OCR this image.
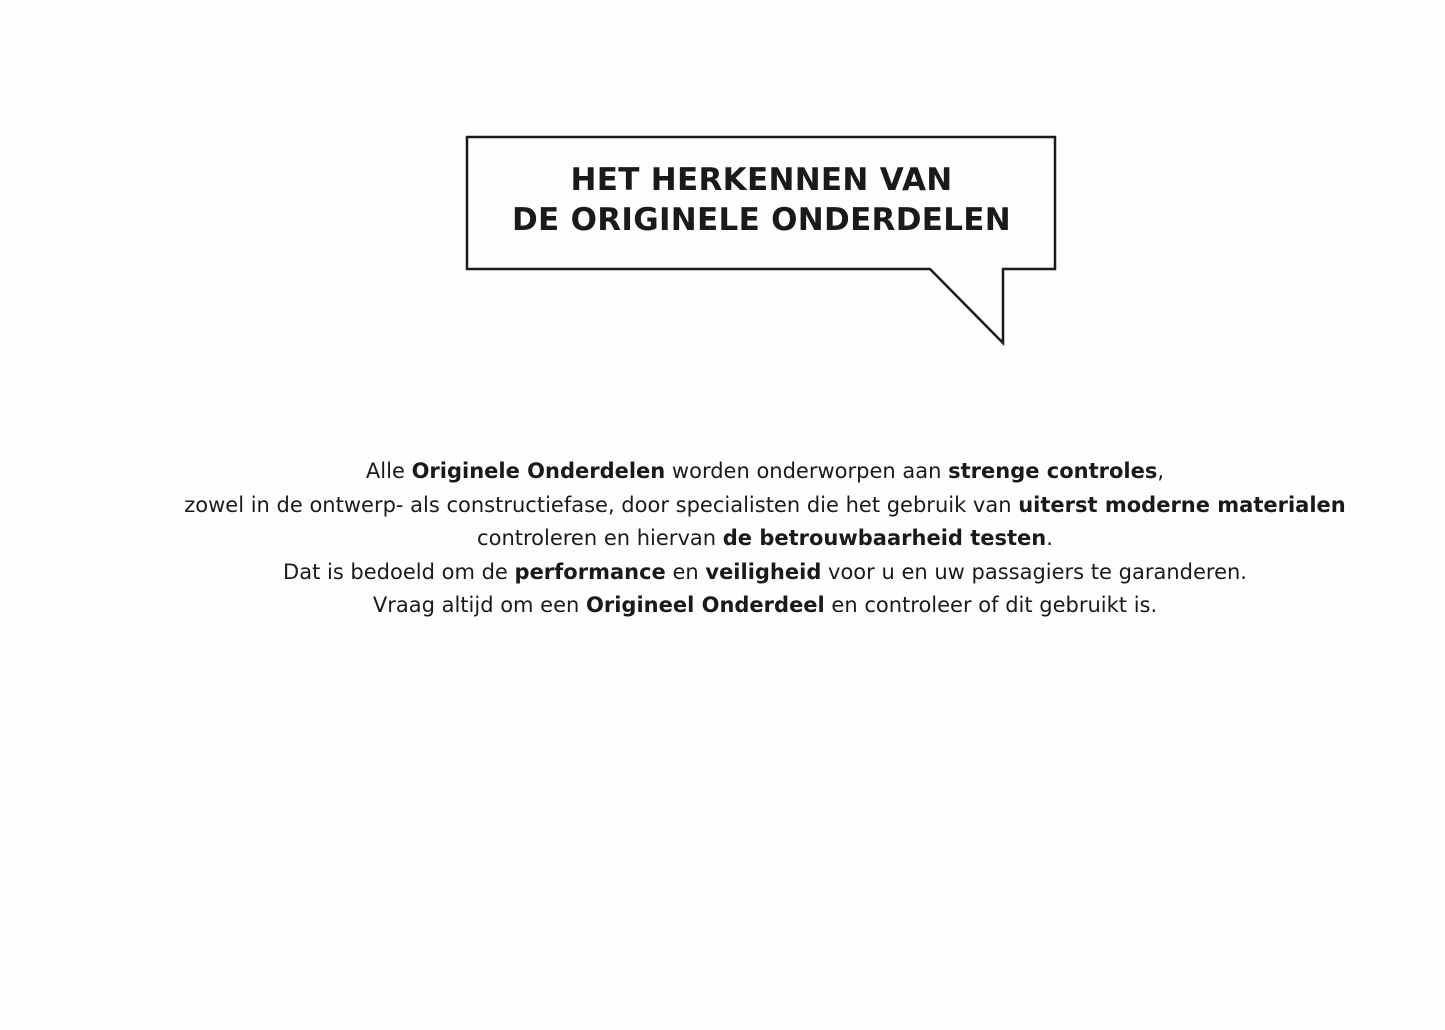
HET HERKENNEN VAN
DE ORIGINELE ONDERDELEN

Alle Originele Onderdelen worden onderworpen aan strenge controles,
zowel in de ontwerp- als constructiefase, door specialisten die het gebruik van uiterst moderne materialen
controleren en hiervan de betrouwbaarheid testen.
Dat is bedoeld om de performance en veiligheid voor u en uw passagiers te garanderen.
Vraag altijd om een Origineel Onderdeel en controleer of dit gebruikt is.
